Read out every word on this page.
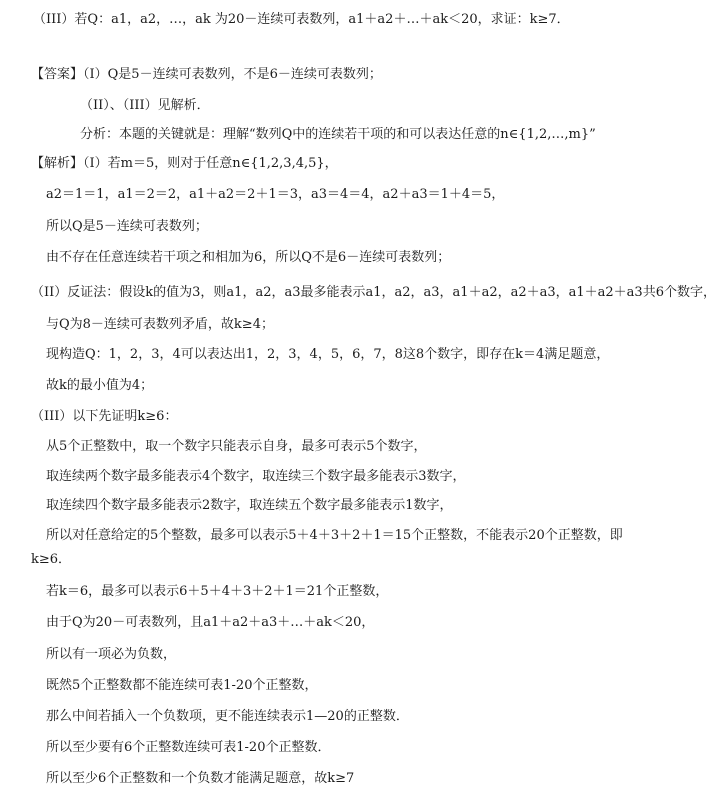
（III）若Q：a1，a2，…，ak 为20－连续可表数列，a1＋a2＋…＋ak＜20，求证：k≥7．
【答案】（I）Q是5－连续可表数列，不是6－连续可表数列；
（II）、（III）见解析．
分析：本题的关键就是：理解“数列Q中的连续若干项的和可以表达任意的n∈{1,2,…,m}”
【解析】（I）若m＝5，则对于任意n∈{1,2,3,4,5}，
a2＝1＝1，a1＝2＝2，a1＋a2＝2＋1＝3，a3＝4＝4，a2＋a3＝1＋4＝5，
所以Q是5－连续可表数列；
由不存在任意连续若干项之和相加为6，所以Q不是6－连续可表数列；
（II）反证法：假设k的值为3，则a1，a2，a3最多能表示a1，a2，a3，a1＋a2，a2＋a3，a1＋a2＋a3共6个数字，
与Q为8－连续可表数列矛盾，故k≥4；
现构造Q：1，2，3，4可以表达出1，2，3，4，5，6，7，8这8个数字，即存在k＝4满足题意，
故k的最小值为4；
（III）以下先证明k≥6：
从5个正整数中，取一个数字只能表示自身，最多可表示5个数字，
取连续两个数字最多能表示4个数字，取连续三个数字最多能表示3数字，
取连续四个数字最多能表示2数字，取连续五个数字最多能表示1数字，
所以对任意给定的5个整数，最多可以表示5＋4＋3＋2＋1＝15个正整数，不能表示20个正整数，即
k≥6．
若k＝6，最多可以表示6＋5＋4＋3＋2＋1＝21个正整数，
由于Q为20－可表数列，且a1＋a2＋a3＋…＋ak＜20，
所以有一项必为负数，
既然5个正整数都不能连续可表1-20个正整数，
那么中间若插入一个负数项，更不能连续表示1—20的正整数．
所以至少要有6个正整数连续可表1-20个正整数．
所以至少6个正整数和一个负数才能满足题意，故k≥7
